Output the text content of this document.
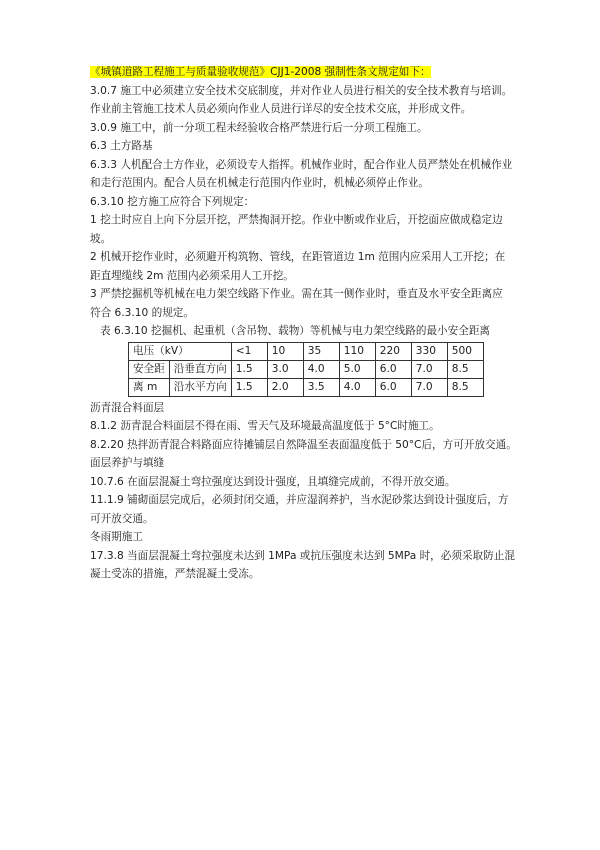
《城镇道路工程施工与质量验收规范》CJJ1-2008 强制性条文规定如下：
3.0.7 施工中必须建立安全技术交底制度，并对作业人员进行相关的安全技术教育与培训。
作业前主管施工技术人员必须向作业人员进行详尽的安全技术交底，并形成文件。
3.0.9 施工中，前一分项工程未经验收合格严禁进行后一分项工程施工。
6.3 土方路基
6.3.3 人机配合土方作业，必须设专人指挥。机械作业时，配合作业人员严禁处在机械作业
和走行范围内。配合人员在机械走行范围内作业时，机械必须停止作业。
6.3.10 挖方施工应符合下列规定：
1 挖土时应自上向下分层开挖，严禁掏洞开挖。作业中断或作业后，开挖面应做成稳定边
坡。
2 机械开挖作业时，必须避开构筑物、管线，在距管道边 1m 范围内应采用人工开挖；在
距直埋缆线 2m 范围内必须采用人工开挖。
3 严禁挖掘机等机械在电力架空线路下作业。需在其一侧作业时，垂直及水平安全距离应
符合 6.3.10 的规定。
表 6.3.10 挖掘机、起重机（含吊物、载物）等机械与电力架空线路的最小安全距离
电压（kV）		<1	10	35	110	220	330	500
安全距	沿垂直方向	1.5	3.0	4.0	5.0	6.0	7.0	8.5
离 m	沿水平方向	1.5	2.0	3.5	4.0	6.0	7.0	8.5
沥青混合料面层
8.1.2 沥青混合料面层不得在雨、雪天气及环境最高温度低于 5°C时施工。
8.2.20 热拌沥青混合料路面应待摊铺层自然降温至表面温度低于 50°C后，方可开放交通。
面层养护与填缝
10.7.6 在面层混凝土弯拉强度达到设计强度，且填缝完成前，不得开放交通。
11.1.9 铺砌面层完成后，必须封闭交通，并应湿润养护，当水泥砂浆达到设计强度后，方
可开放交通。
冬雨期施工
17.3.8 当面层混凝土弯拉强度未达到 1MPa 或抗压强度未达到 5MPa 时，必须采取防止混
凝土受冻的措施，严禁混凝土受冻。
